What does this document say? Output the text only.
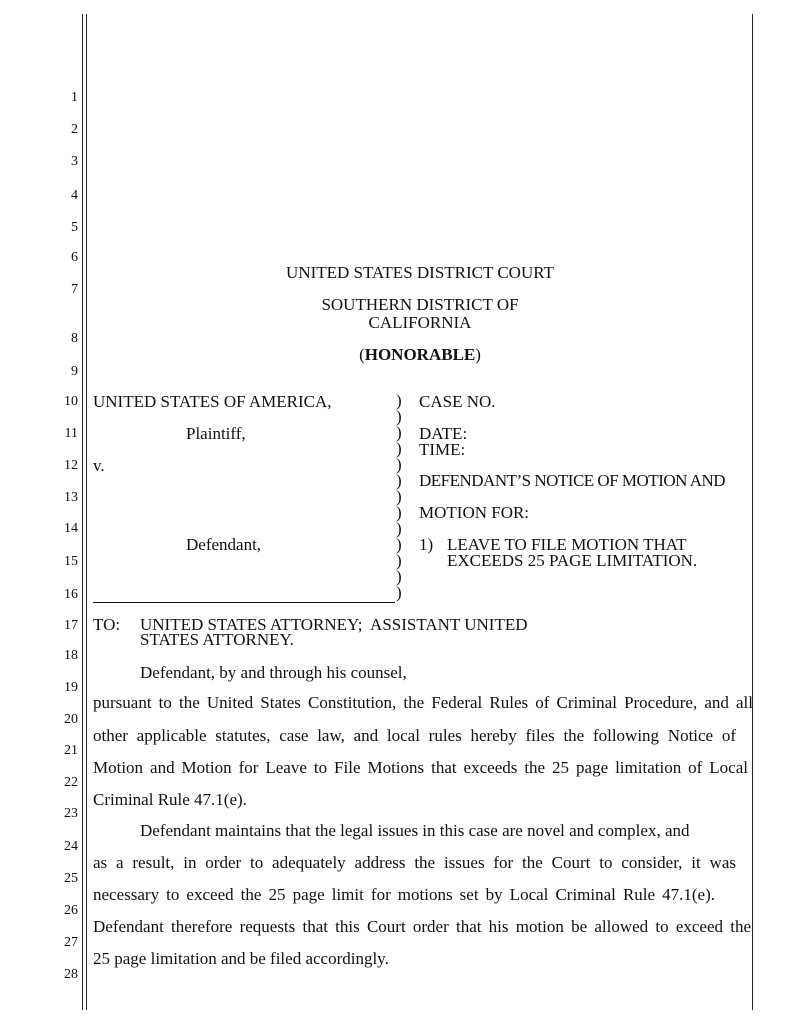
1
2
3
4
5
6
7
8
9
10
11
12
13
14
15
16
17
18
19
20
21
22
23
24
25
26
27
28
UNITED STATES DISTRICT COURT
SOUTHERN DISTRICT OF
CALIFORNIA
(HONORABLE)
UNITED STATES OF AMERICA,
Plaintiff,
v.
Defendant,
)
)
)
)
)
)
)
)
)
)
)
)
)
CASE NO.
DATE:
TIME:
DEFENDANT’S NOTICE OF MOTION AND
MOTION FOR:
1) LEAVE TO FILE MOTION THAT
EXCEEDS 25 PAGE LIMITATION.
TO: UNITED STATES ATTORNEY;  ASSISTANT UNITED
STATES ATTORNEY.
Defendant, by and through his counsel,
pursuant to the United States Constitution, the Federal Rules of Criminal Procedure, and all
other applicable statutes, case law, and local rules hereby files the following Notice of
Motion and Motion for Leave to File Motions that exceeds the 25 page limitation of Local
Criminal Rule 47.1(e).
Defendant maintains that the legal issues in this case are novel and complex, and
as a result, in order to adequately address the issues for the Court to consider, it was
necessary to exceed the 25 page limit for motions set by Local Criminal Rule 47.1(e).
Defendant therefore requests that this Court order that his motion be allowed to exceed the
25 page limitation and be filed accordingly.
